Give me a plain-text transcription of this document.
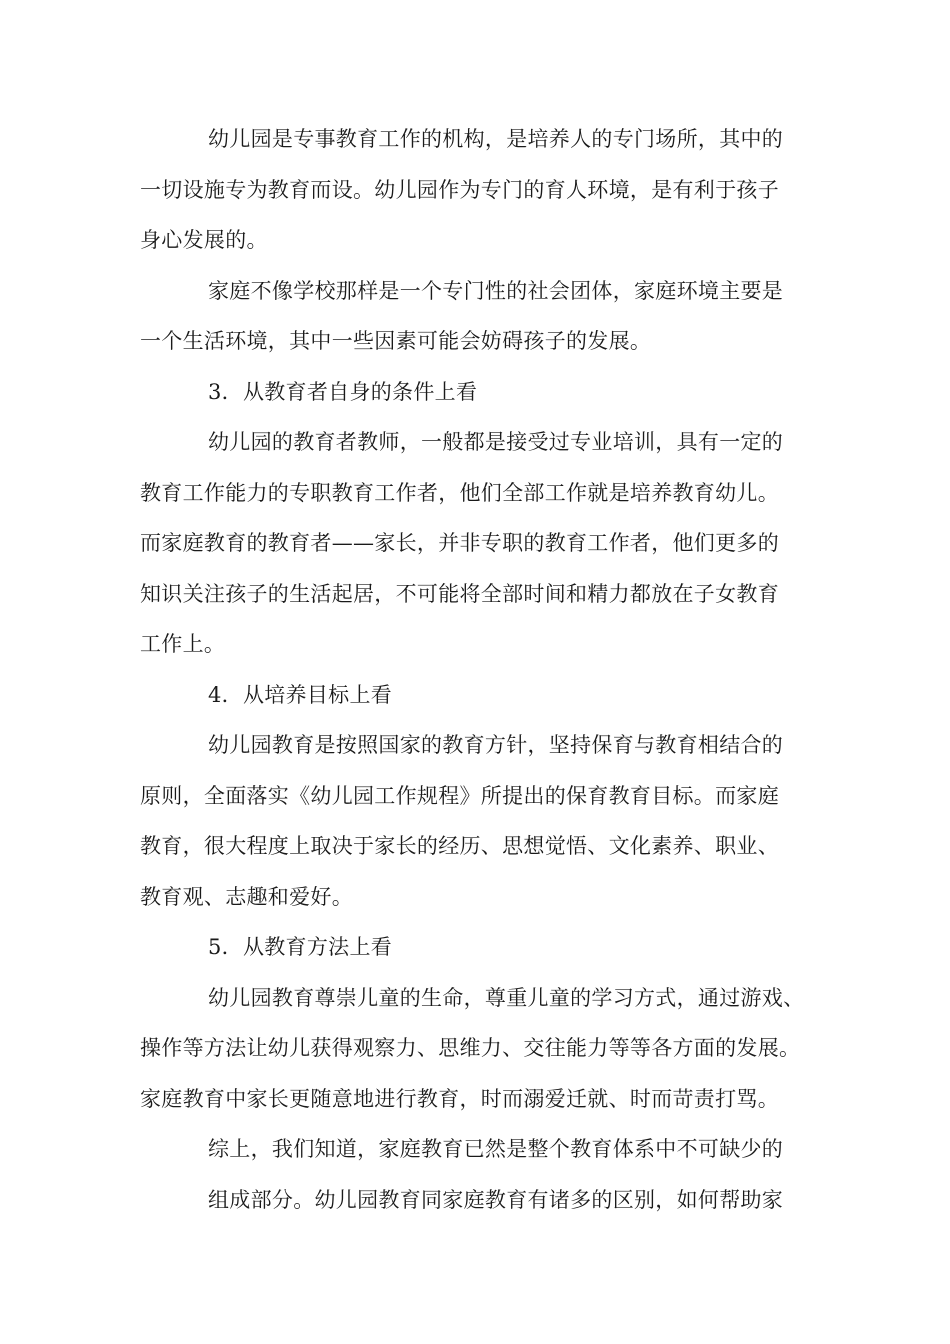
幼儿园是专事教育工作的机构，是培养人的专门场所，其中的
一切设施专为教育而设。幼儿园作为专门的育人环境，是有利于孩子
身心发展的。
家庭不像学校那样是一个专门性的社会团体，家庭环境主要是
一个生活环境，其中一些因素可能会妨碍孩子的发展。
3．从教育者自身的条件上看
幼儿园的教育者教师，一般都是接受过专业培训，具有一定的
教育工作能力的专职教育工作者，他们全部工作就是培养教育幼儿。
而家庭教育的教育者——家长，并非专职的教育工作者，他们更多的
知识关注孩子的生活起居，不可能将全部时间和精力都放在子女教育
工作上。
4．从培养目标上看
幼儿园教育是按照国家的教育方针，坚持保育与教育相结合的
原则，全面落实《幼儿园工作规程》所提出的保育教育目标。而家庭
教育，很大程度上取决于家长的经历、思想觉悟、文化素养、职业、
教育观、志趣和爱好。
5．从教育方法上看
幼儿园教育尊崇儿童的生命，尊重儿童的学习方式，通过游戏、
操作等方法让幼儿获得观察力、思维力、交往能力等等各方面的发展。
家庭教育中家长更随意地进行教育，时而溺爱迁就、时而苛责打骂。
综上，我们知道，家庭教育已然是整个教育体系中不可缺少的
组成部分。幼儿园教育同家庭教育有诸多的区别，如何帮助家
